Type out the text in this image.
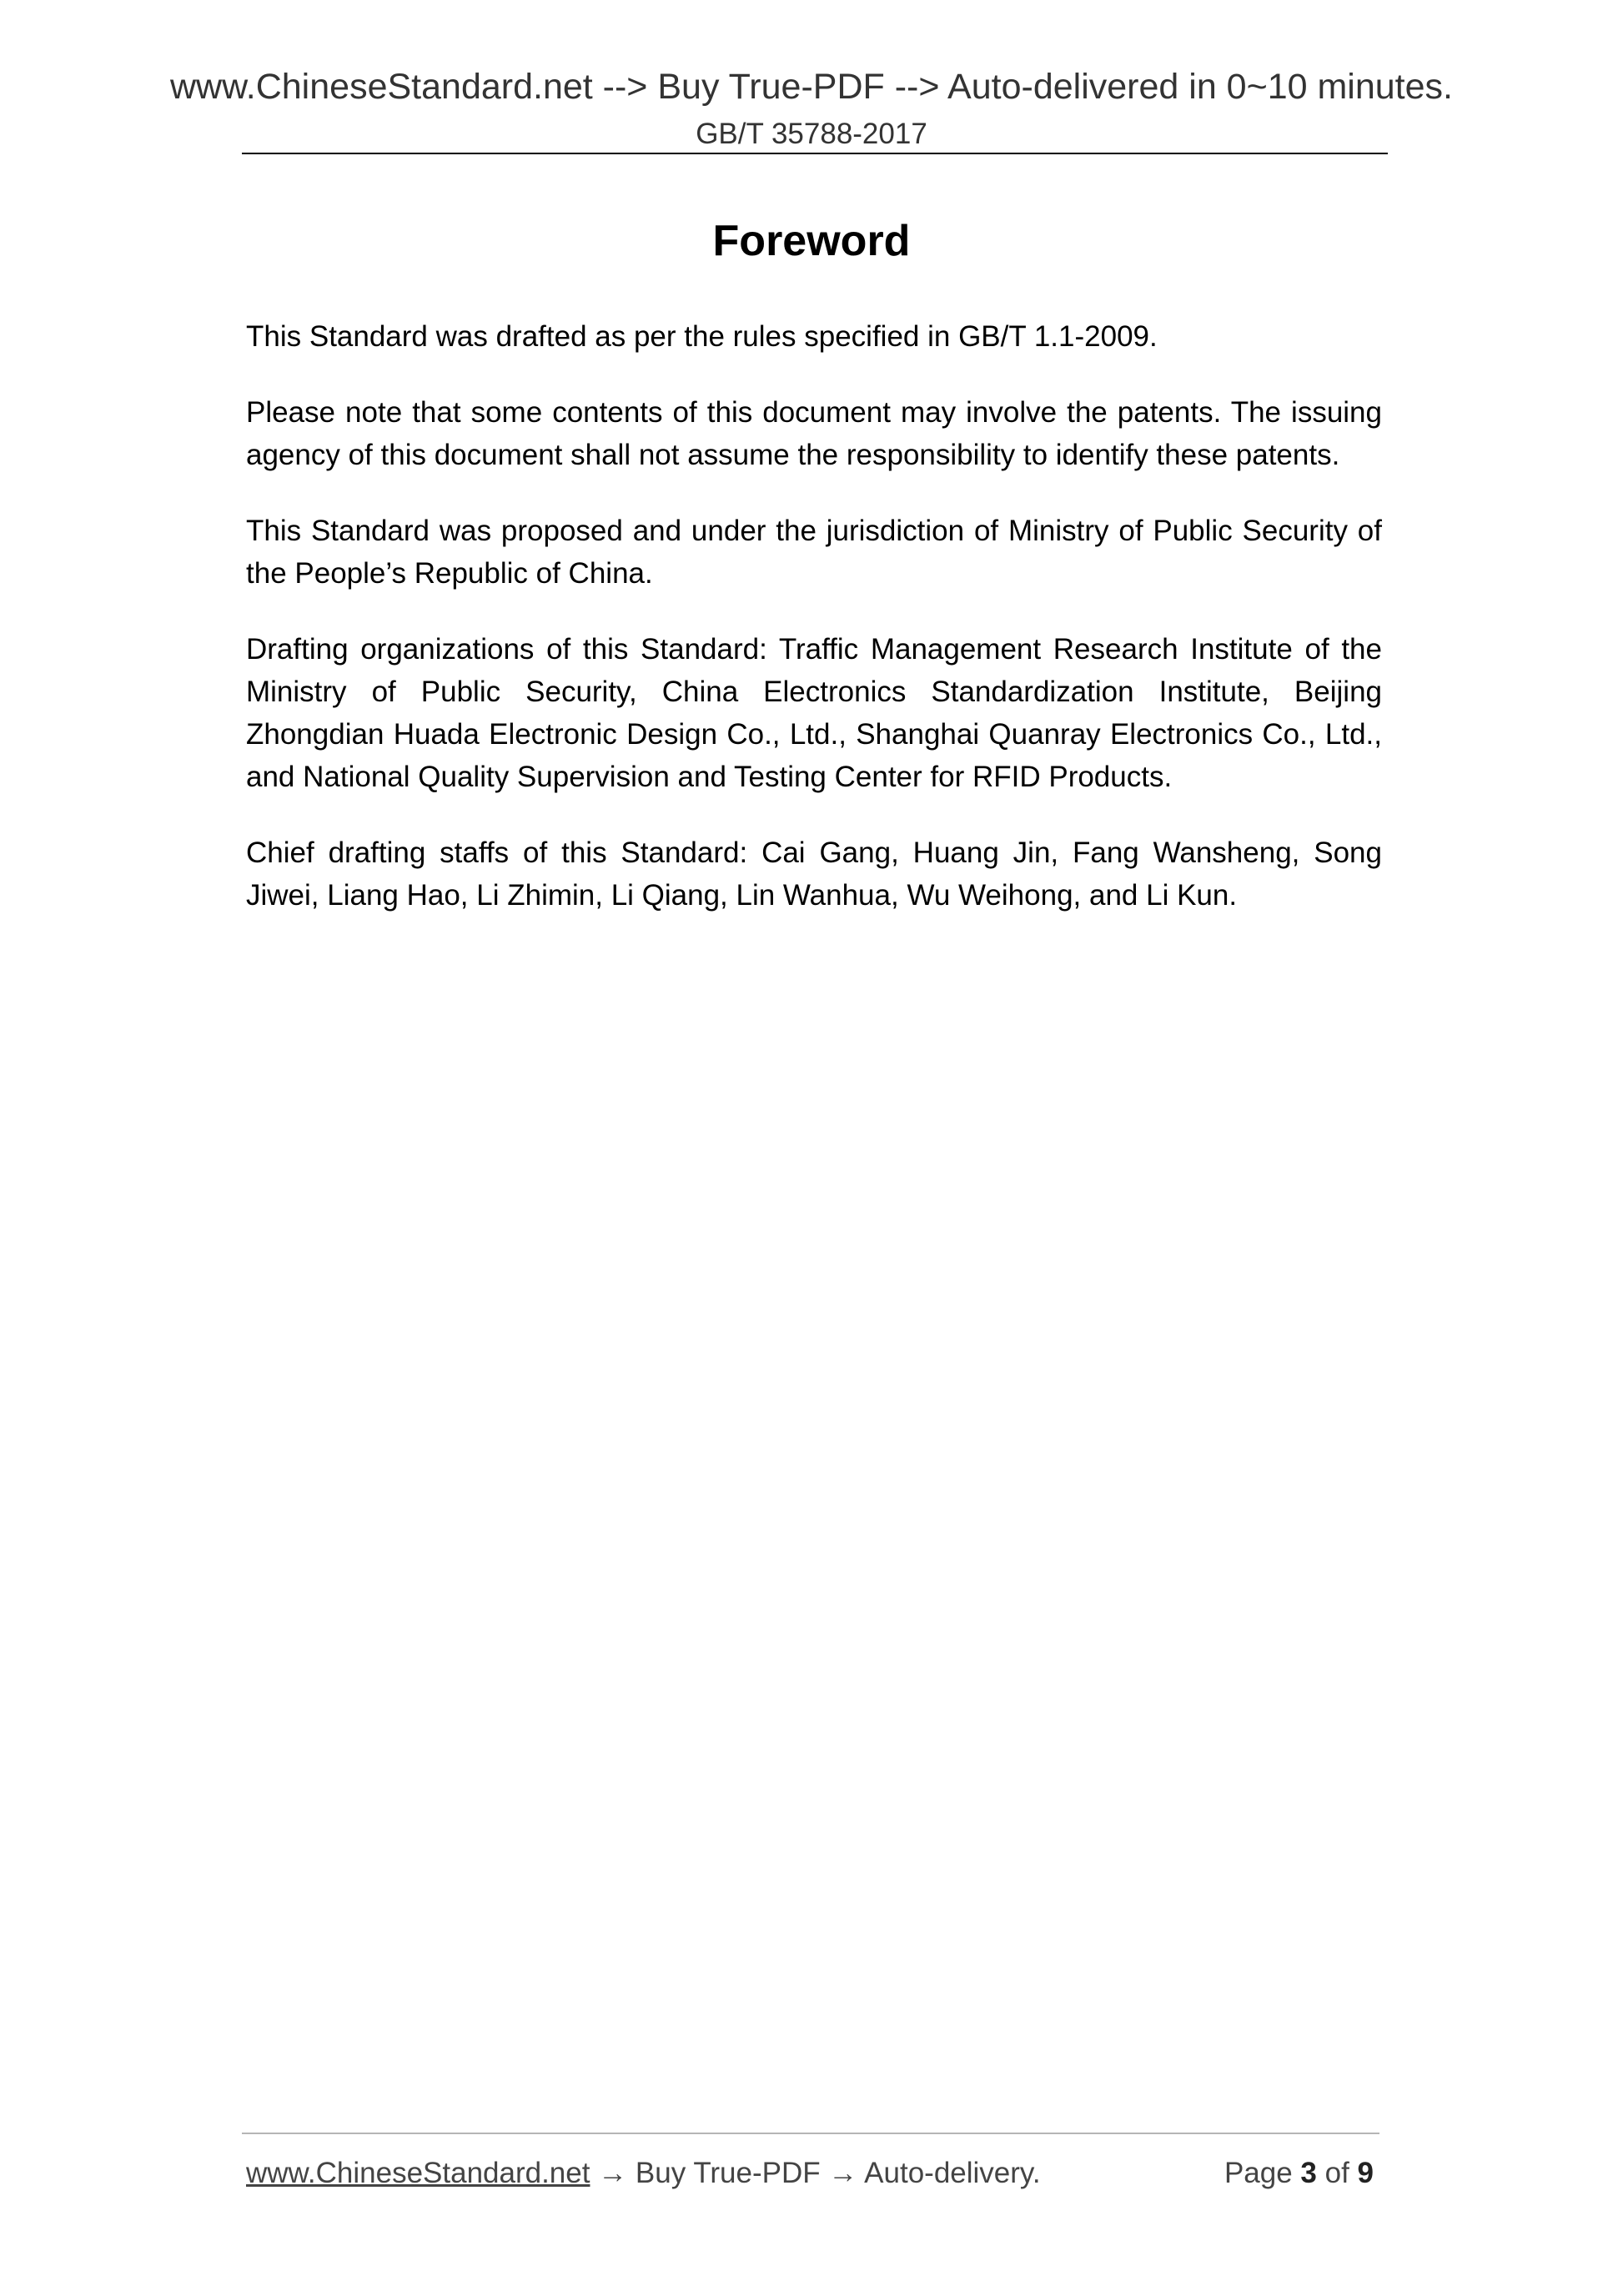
www.ChineseStandard.net --> Buy True-PDF --> Auto-delivered in 0~10 minutes.
GB/T 35788-2017
Foreword

This Standard was drafted as per the rules specified in GB/T 1.1-2009.

Please note that some contents of this document may involve the patents. The issuing agency of this document shall not assume the responsibility to identify these patents.

This Standard was proposed and under the jurisdiction of Ministry of Public Security of the People’s Republic of China.

Drafting organizations of this Standard: Traffic Management Research Institute of the Ministry of Public Security, China Electronics Standardization Institute, Beijing Zhongdian Huada Electronic Design Co., Ltd., Shanghai Quanray Electronics Co., Ltd., and National Quality Supervision and Testing Center for RFID Products.

Chief drafting staffs of this Standard: Cai Gang, Huang Jin, Fang Wansheng, Song Jiwei, Liang Hao, Li Zhimin, Li Qiang, Lin Wanhua, Wu Weihong, and Li Kun.

www.ChineseStandard.net → Buy True-PDF → Auto-delivery.	Page 3 of 9
